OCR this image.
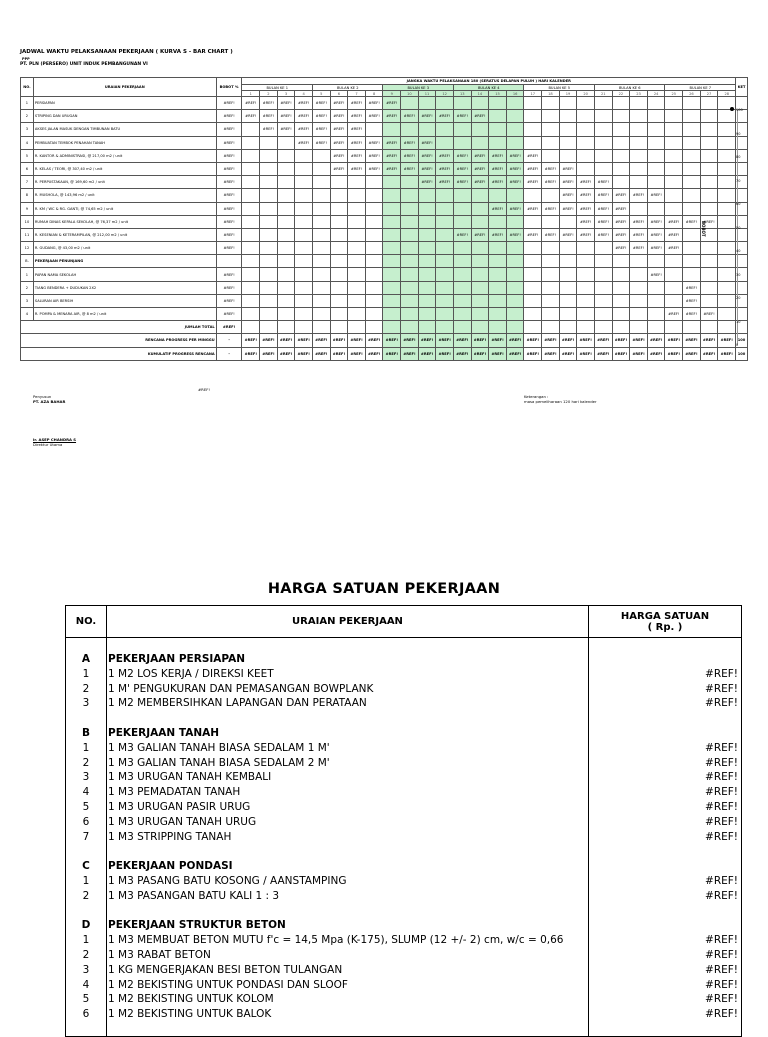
JADWAL WAKTU PELAKSANAAN PEKERJAAN ( KURVA S - BAR CHART )
PPP
PT. PLN (PERSERO) UNIT INDUK PEMBANGUNAN VI
NO.	URAIAN PEKERJAAN	BOBOT %	JANGKA WAKTU PELAKSANAAN 180 (SERATUS DELAPAN PULUH ) HARI KALENDER																												KET
			BULAN KE 1				BULAN KE 2				BULAN KE 3				BULAN KE 4				BULAN KE 5				BULAN KE 6				BULAN KE 7				
			1	2	3	4	5	6	7	8	9	10	11	12	13	14	15	16	17	18	19	20	21	22	23	24	25	26	27	28	
1	PERSIAPAN	#REF!	#REF!	#REF!	#REF!	#REF!	#REF!	#REF!	#REF!	#REF!	#REF!																				
2	STRIPING DAN URUGAN	#REF!	#REF!	#REF!	#REF!	#REF!	#REF!	#REF!	#REF!	#REF!	#REF!	#REF!	#REF!	#REF!	#REF!	#REF!															
3	AKSES JALAN MASUK DENGAN TIMBUNAN BATU	#REF!		#REF!	#REF!	#REF!	#REF!	#REF!	#REF!																						
4	PEMBUATAN TEMBOK PENAHAN TANAH	#REF!				#REF!	#REF!	#REF!	#REF!	#REF!	#REF!	#REF!	#REF!																		
5	R. KANTOR & ADMINISTRASI, @ 217,00 m2 / unit	#REF!						#REF!	#REF!	#REF!	#REF!	#REF!	#REF!	#REF!	#REF!	#REF!	#REF!	#REF!	#REF!												
6	R. KELAS / TEORI, @ 307,40 m2 / unit	#REF!						#REF!	#REF!	#REF!	#REF!	#REF!	#REF!	#REF!	#REF!	#REF!	#REF!	#REF!	#REF!	#REF!	#REF!										
7	R. PERPUSTAKAAN, @ 169,60 m2 / unit	#REF!											#REF!	#REF!	#REF!	#REF!	#REF!	#REF!	#REF!	#REF!	#REF!	#REF!	#REF!								
8	R. MUSHOLA, @ 143,96 m2 / unit	#REF!																			#REF!	#REF!	#REF!	#REF!	#REF!	#REF!					
9	R. KM / WC & RG. GANTI, @ 74,65 m2 / unit	#REF!															#REF!	#REF!	#REF!	#REF!	#REF!	#REF!	#REF!	#REF!							
10	RUMAH DINAS KEPALA SEKOLAH, @ 76,37 m2 / unit	#REF!																				#REF!	#REF!	#REF!	#REF!	#REF!	#REF!	#REF!	#REF!		
11	R. KESENIAN & KETERAMPILAN, @ 212,00 m2 / unit	#REF!													#REF!	#REF!	#REF!	#REF!	#REF!	#REF!	#REF!	#REF!	#REF!	#REF!	#REF!	#REF!	#REF!				
12	R. GUDANG, @ 43,00 m2 / unit	#REF!																						#REF!	#REF!	#REF!	#REF!				
B.	PEKERJAAN PENUNJANG																														
1	PAPAN NAMA SEKOLAH	#REF!																								#REF!					
2	TIANG BENDERA + DUDUKAN 2X2	#REF!																										#REF!			
3	SALURAN AIR BERSIH	#REF!																										#REF!			
4	R. POMPA & MENARA AIR, @ 8 m2 / unit	#REF!																									#REF!	#REF!	#REF!		
JUMLAH TOTAL		#REF!																													
RENCANA PROGRESS PER MINGGU		-	#REF!	#REF!	#REF!	#REF!	#REF!	#REF!	#REF!	#REF!	#REF!	#REF!	#REF!	#REF!	#REF!	#REF!	#REF!	#REF!	#REF!	#REF!	#REF!	#REF!	#REF!	#REF!	#REF!	#REF!	#REF!	#REF!	#REF!	#REF!	100
KUMULATIF PROGRESS RENCANA		-	#REF!	#REF!	#REF!	#REF!	#REF!	#REF!	#REF!	#REF!	#REF!	#REF!	#REF!	#REF!	#REF!	#REF!	#REF!	#REF!	#REF!	#REF!	#REF!	#REF!	#REF!	#REF!	#REF!	#REF!	#REF!	#REF!	#REF!	#REF!	100
100
90
80
70
60
50
40
30
20
10
0
BOBOT
#REF!
Penyusun
PT. AZA BAHAR
Ir. ASEP CHANDRA S
Direktur Utama
Keterangan :
masa pemeliharaan 120 hari kalender
HARGA SATUAN PEKERJAAN
NO.	URAIAN PEKERJAAN	HARGA SATUAN
( Rp. )
A	PEKERJAAN PERSIAPAN
1	1 M2 LOS KERJA / DIREKSI KEET	#REF!
2	1 M' PENGUKURAN DAN PEMASANGAN BOWPLANK	#REF!
3	1 M2 MEMBERSIHKAN LAPANGAN DAN PERATAAN	#REF!
B	PEKERJAAN TANAH
1	1 M3 GALIAN TANAH BIASA SEDALAM 1 M'	#REF!
2	1 M3 GALIAN TANAH BIASA SEDALAM 2 M'	#REF!
3	1 M3 URUGAN TANAH KEMBALI	#REF!
4	1 M3 PEMADATAN TANAH	#REF!
5	1 M3 URUGAN PASIR URUG	#REF!
6	1 M3 URUGAN TANAH URUG	#REF!
7	1 M3 STRIPPING TANAH	#REF!
C	PEKERJAAN PONDASI
1	1 M3 PASANG BATU KOSONG / AANSTAMPING	#REF!
2	1 M3 PASANGAN BATU KALI 1 : 3	#REF!
D	PEKERJAAN STRUKTUR BETON
1	1 M3 MEMBUAT BETON MUTU f'c = 14,5 Mpa (K-175), SLUMP (12 +/- 2) cm, w/c = 0,66	#REF!
2	1 M3 RABAT BETON	#REF!
3	1 KG MENGERJAKAN BESI BETON TULANGAN	#REF!
4	1 M2 BEKISTING UNTUK PONDASI DAN SLOOF	#REF!
5	1 M2 BEKISTING UNTUK KOLOM	#REF!
6	1 M2 BEKISTING UNTUK BALOK	#REF!
